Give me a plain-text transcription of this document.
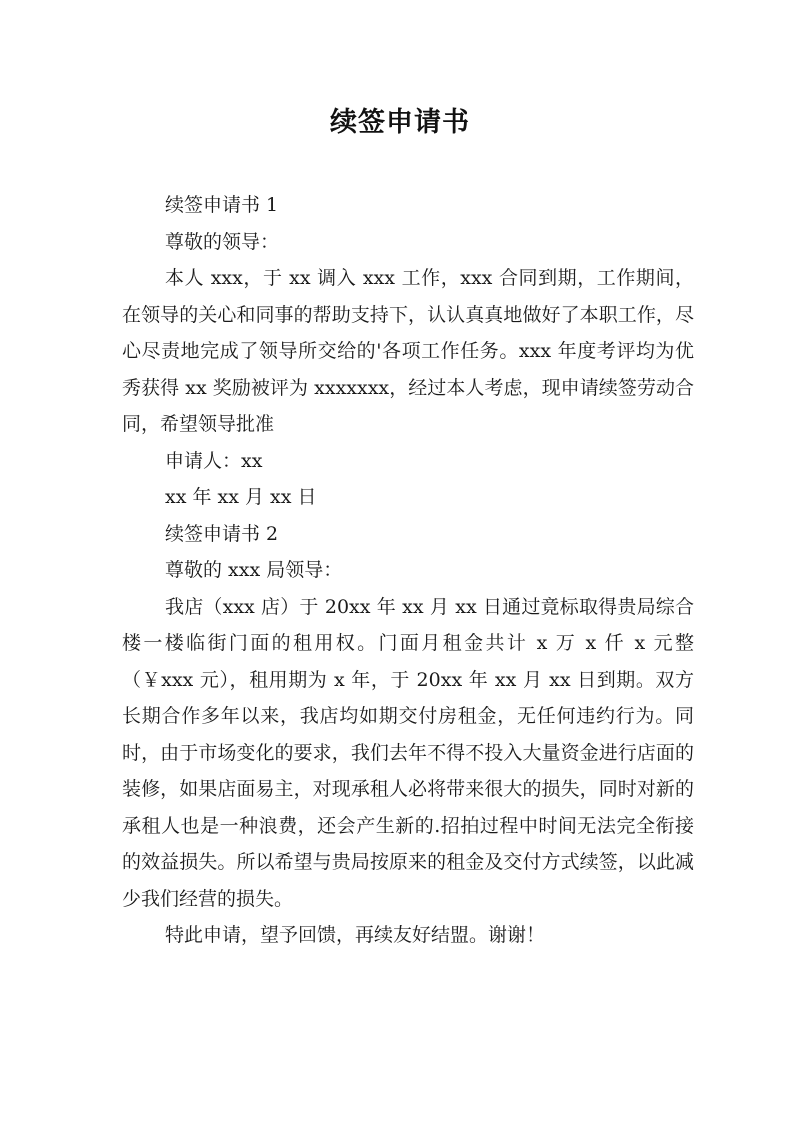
续签申请书

续签申请书 1

尊敬的领导：

本人 xxx，于 xx 调入 xxx 工作，xxx 合同到期，工作期间，在领导的关心和同事的帮助支持下，认认真真地做好了本职工作，尽心尽责地完成了领导所交给的'各项工作任务。xxx 年度考评均为优秀获得 xx 奖励被评为 xxxxxxx，经过本人考虑，现申请续签劳动合同，希望领导批准

申请人：xx

xx 年 xx 月 xx 日

续签申请书 2

尊敬的 xxx 局领导：

我店（xxx 店）于 20xx 年 xx 月 xx 日通过竟标取得贵局综合楼一楼临街门面的租用权。门面月租金共计 x 万 x 仟 x 元整（￥xxx 元），租用期为 x 年，于 20xx 年 xx 月 xx 日到期。双方长期合作多年以来，我店均如期交付房租金，无任何违约行为。同时，由于市场变化的要求，我们去年不得不投入大量资金进行店面的装修，如果店面易主，对现承租人必将带来很大的损失，同时对新的承租人也是一种浪费，还会产生新的.招拍过程中时间无法完全衔接的效益损失。所以希望与贵局按原来的租金及交付方式续签，以此减少我们经营的损失。

特此申请，望予回馈，再续友好结盟。谢谢！
